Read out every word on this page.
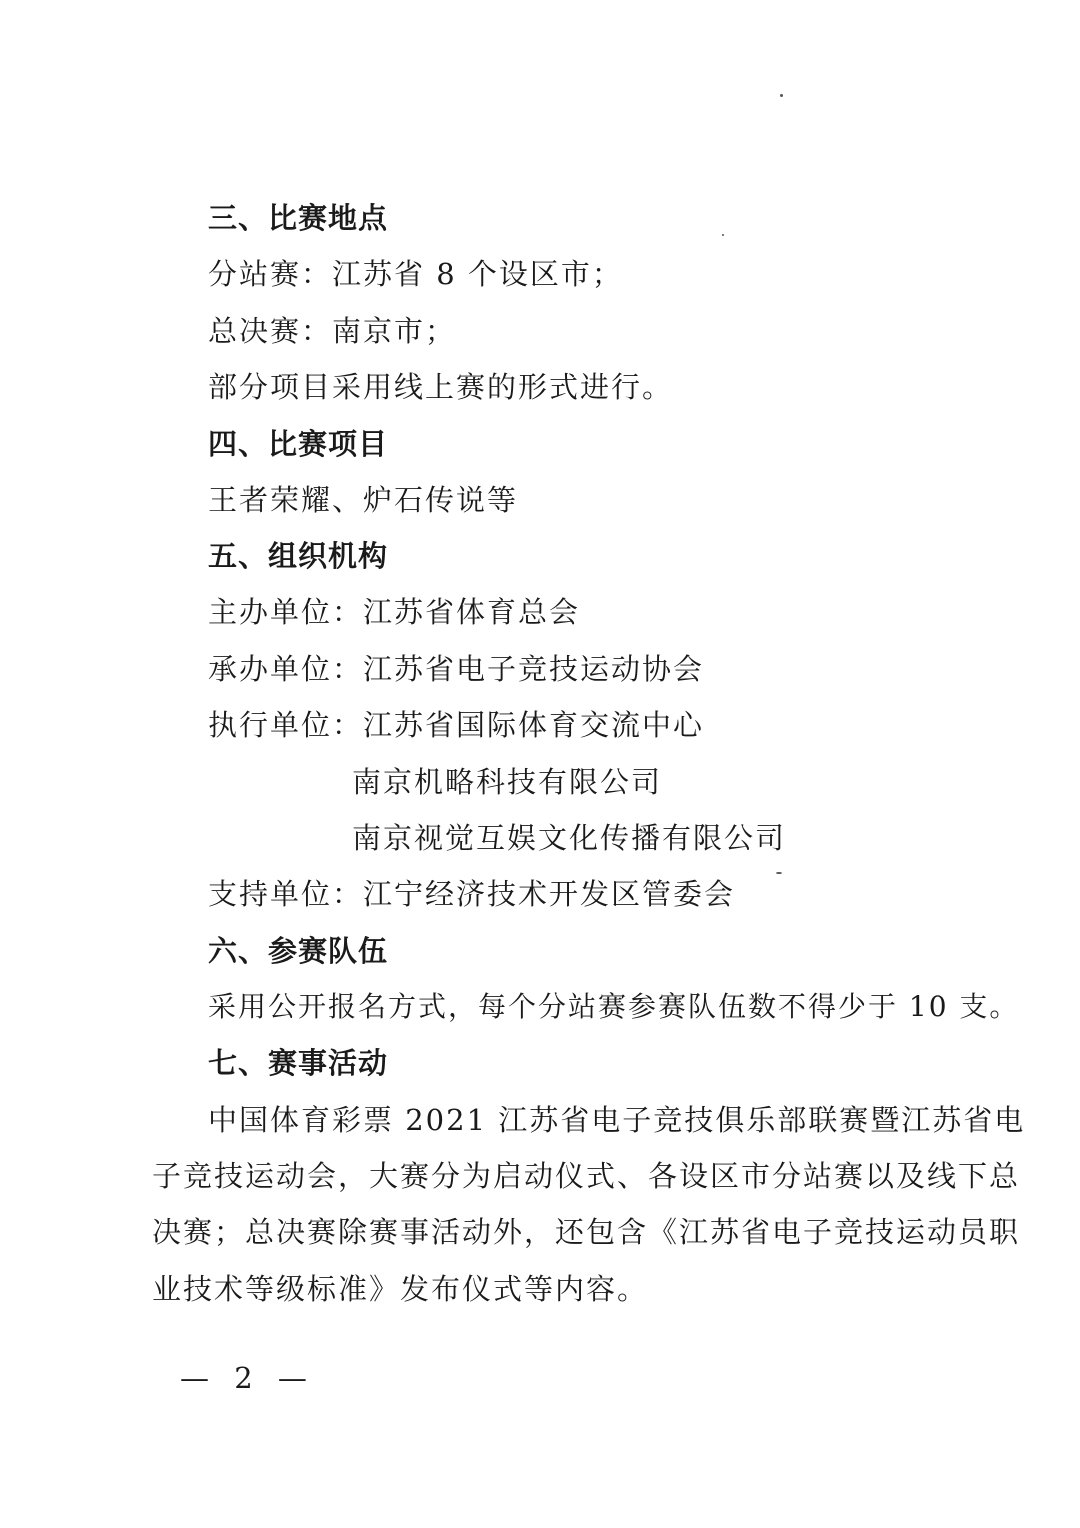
三、比赛地点
分站赛：江苏省 8 个设区市；
总决赛：南京市；
部分项目采用线上赛的形式进行。
四、比赛项目
王者荣耀、炉石传说等
五、组织机构
主办单位：江苏省体育总会
承办单位：江苏省电子竞技运动协会
执行单位：江苏省国际体育交流中心
南京机略科技有限公司
南京视觉互娱文化传播有限公司
支持单位：江宁经济技术开发区管委会
六、参赛队伍
采用公开报名方式，每个分站赛参赛队伍数不得少于 10 支。
七、赛事活动
中国体育彩票 2021 江苏省电子竞技俱乐部联赛暨江苏省电
子竞技运动会，大赛分为启动仪式、各设区市分站赛以及线下总
决赛；总决赛除赛事活动外，还包含《江苏省电子竞技运动员职
业技术等级标准》发布仪式等内容。
— 2 —
